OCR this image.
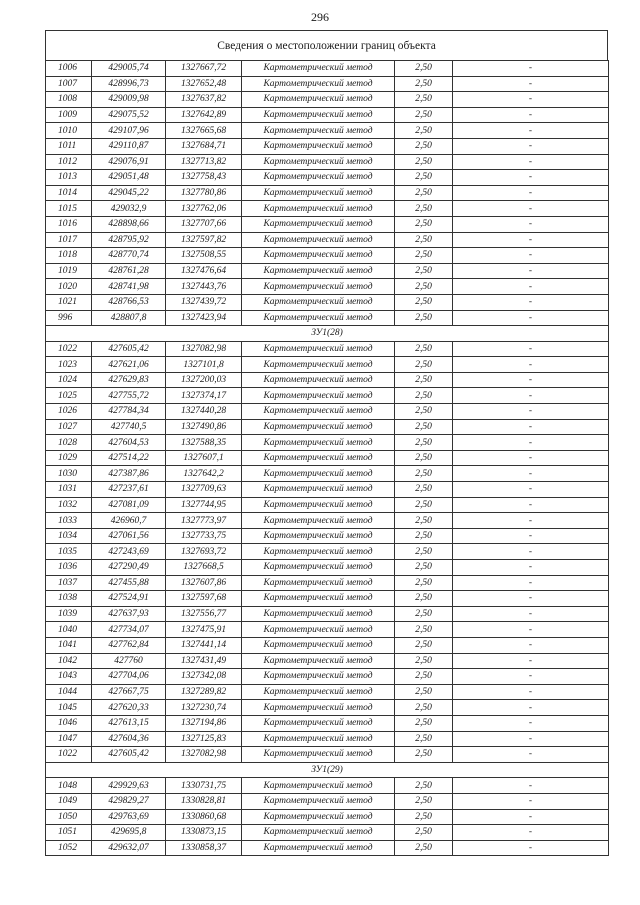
296
Сведения о местоположении границ объекта
1006	429005,74	1327667,72	Картометрический метод	2,50	-
1007	428996,73	1327652,48	Картометрический метод	2,50	-
1008	429009,98	1327637,82	Картометрический метод	2,50	-
1009	429075,52	1327642,89	Картометрический метод	2,50	-
1010	429107,96	1327665,68	Картометрический метод	2,50	-
1011	429110,87	1327684,71	Картометрический метод	2,50	-
1012	429076,91	1327713,82	Картометрический метод	2,50	-
1013	429051,48	1327758,43	Картометрический метод	2,50	-
1014	429045,22	1327780,86	Картометрический метод	2,50	-
1015	429032,9	1327762,06	Картометрический метод	2,50	-
1016	428898,66	1327707,66	Картометрический метод	2,50	-
1017	428795,92	1327597,82	Картометрический метод	2,50	-
1018	428770,74	1327508,55	Картометрический метод	2,50	-
1019	428761,28	1327476,64	Картометрический метод	2,50	-
1020	428741,98	1327443,76	Картометрический метод	2,50	-
1021	428766,53	1327439,72	Картометрический метод	2,50	-
996	428807,8	1327423,94	Картометрический метод	2,50	-
ЗУ1(28)					
1022	427605,42	1327082,98	Картометрический метод	2,50	-
1023	427621,06	1327101,8	Картометрический метод	2,50	-
1024	427629,83	1327200,03	Картометрический метод	2,50	-
1025	427755,72	1327374,17	Картометрический метод	2,50	-
1026	427784,34	1327440,28	Картометрический метод	2,50	-
1027	427740,5	1327490,86	Картометрический метод	2,50	-
1028	427604,53	1327588,35	Картометрический метод	2,50	-
1029	427514,22	1327607,1	Картометрический метод	2,50	-
1030	427387,86	1327642,2	Картометрический метод	2,50	-
1031	427237,61	1327709,63	Картометрический метод	2,50	-
1032	427081,09	1327744,95	Картометрический метод	2,50	-
1033	426960,7	1327773,97	Картометрический метод	2,50	-
1034	427061,56	1327733,75	Картометрический метод	2,50	-
1035	427243,69	1327693,72	Картометрический метод	2,50	-
1036	427290,49	1327668,5	Картометрический метод	2,50	-
1037	427455,88	1327607,86	Картометрический метод	2,50	-
1038	427524,91	1327597,68	Картометрический метод	2,50	-
1039	427637,93	1327556,77	Картометрический метод	2,50	-
1040	427734,07	1327475,91	Картометрический метод	2,50	-
1041	427762,84	1327441,14	Картометрический метод	2,50	-
1042	427760	1327431,49	Картометрический метод	2,50	-
1043	427704,06	1327342,08	Картометрический метод	2,50	-
1044	427667,75	1327289,82	Картометрический метод	2,50	-
1045	427620,33	1327230,74	Картометрический метод	2,50	-
1046	427613,15	1327194,86	Картометрический метод	2,50	-
1047	427604,36	1327125,83	Картометрический метод	2,50	-
1022	427605,42	1327082,98	Картометрический метод	2,50	-
ЗУ1(29)					
1048	429929,63	1330731,75	Картометрический метод	2,50	-
1049	429829,27	1330828,81	Картометрический метод	2,50	-
1050	429763,69	1330860,68	Картометрический метод	2,50	-
1051	429695,8	1330873,15	Картометрический метод	2,50	-
1052	429632,07	1330858,37	Картометрический метод	2,50	-
